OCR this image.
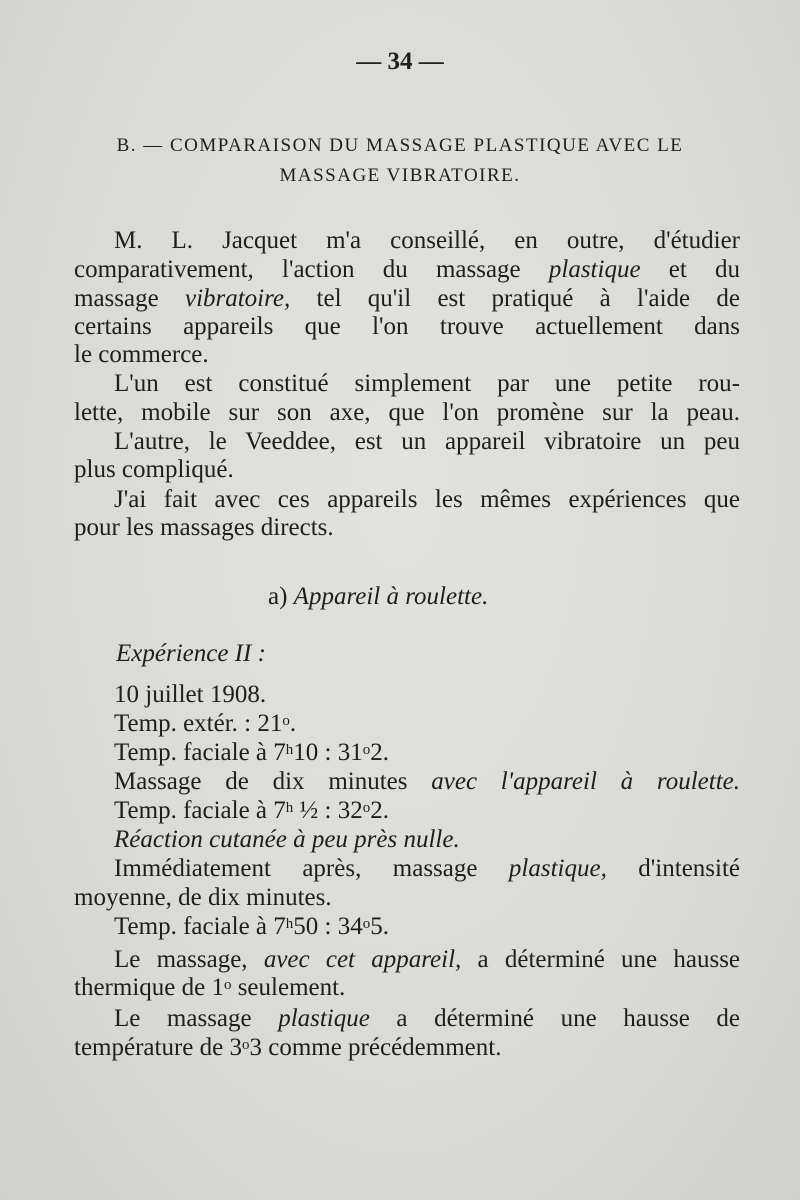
— 34 —
B. — COMPARAISON DU MASSAGE PLASTIQUE AVEC LE
MASSAGE VIBRATOIRE.
M. L. Jacquet m'a conseillé, en outre, d'étudier
comparativement, l'action du massage plastique et du
massage vibratoire, tel qu'il est pratiqué à l'aide de
certains appareils que l'on trouve actuellement dans
le commerce.
L'un est constitué simplement par une petite rou-
lette, mobile sur son axe, que l'on promène sur la peau.
L'autre, le Veeddee, est un appareil vibratoire un peu
plus compliqué.
J'ai fait avec ces appareils les mêmes expériences que
pour les massages directs.
a) Appareil à roulette.
Expérience II :
10 juillet 1908.
Temp. extér. : 21$^o$.
Temp. faciale à 7$^h$10 : 31$^o$2.
Massage de dix minutes avec l'appareil à roulette.
Temp. faciale à 7$^h$ ½ : 32$^o$2.
Réaction cutanée à peu près nulle.
Immédiatement après, massage plastique, d'intensité
moyenne, de dix minutes.
Temp. faciale à 7$^h$50 : 34$^o$5.
Le massage, avec cet appareil, a déterminé une hausse
thermique de 1$^o$ seulement.
Le massage plastique a déterminé une hausse de
température de 3$^o$3 comme précédemment.
